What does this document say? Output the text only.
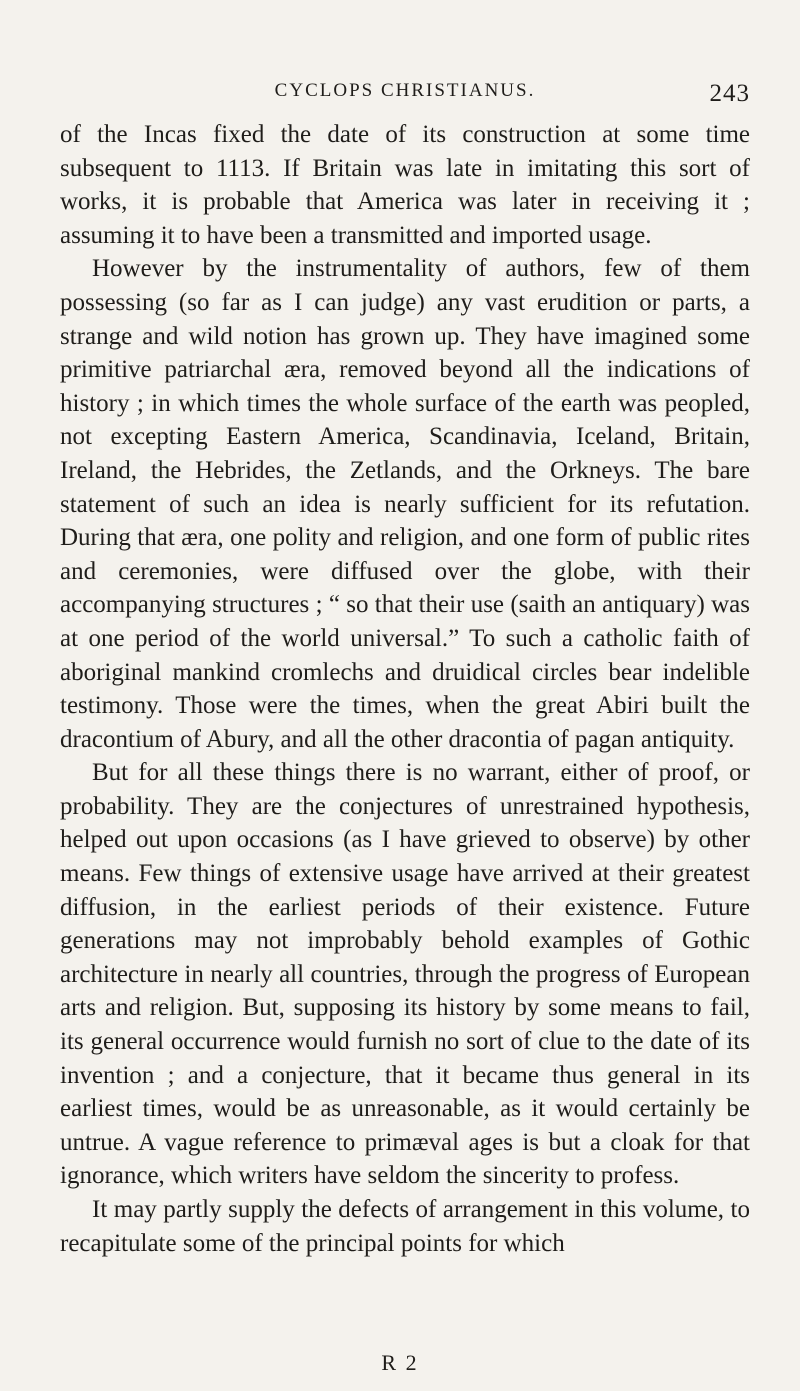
CYCLOPS CHRISTIANUS.	243

of the Incas fixed the date of its construction at some time subsequent to 1113. If Britain was late in imitating this sort of works, it is probable that America was later in receiving it ; assuming it to have been a transmitted and imported usage.

However by the instrumentality of authors, few of them possessing (so far as I can judge) any vast erudition or parts, a strange and wild notion has grown up. They have imagined some primitive patriarchal æra, removed beyond all the indications of history ; in which times the whole surface of the earth was peopled, not excepting Eastern America, Scandinavia, Iceland, Britain, Ireland, the Hebrides, the Zetlands, and the Orkneys. The bare statement of such an idea is nearly sufficient for its refutation. During that æra, one polity and religion, and one form of public rites and ceremonies, were diffused over the globe, with their accompanying structures ; “ so that their use (saith an antiquary) was at one period of the world universal.” To such a catholic faith of aboriginal mankind cromlechs and druidical circles bear indelible testimony. Those were the times, when the great Abiri built the dracontium of Abury, and all the other dracontia of pagan antiquity.

But for all these things there is no warrant, either of proof, or probability. They are the conjectures of unrestrained hypothesis, helped out upon occasions (as I have grieved to observe) by other means. Few things of extensive usage have arrived at their greatest diffusion, in the earliest periods of their existence. Future generations may not improbably behold examples of Gothic architecture in nearly all countries, through the progress of European arts and religion. But, supposing its history by some means to fail, its general occurrence would furnish no sort of clue to the date of its invention ; and a conjecture, that it became thus general in its earliest times, would be as unreasonable, as it would certainly be untrue. A vague reference to primæval ages is but a cloak for that ignorance, which writers have seldom the sincerity to profess.

It may partly supply the defects of arrangement in this volume, to recapitulate some of the principal points for which

R 2
